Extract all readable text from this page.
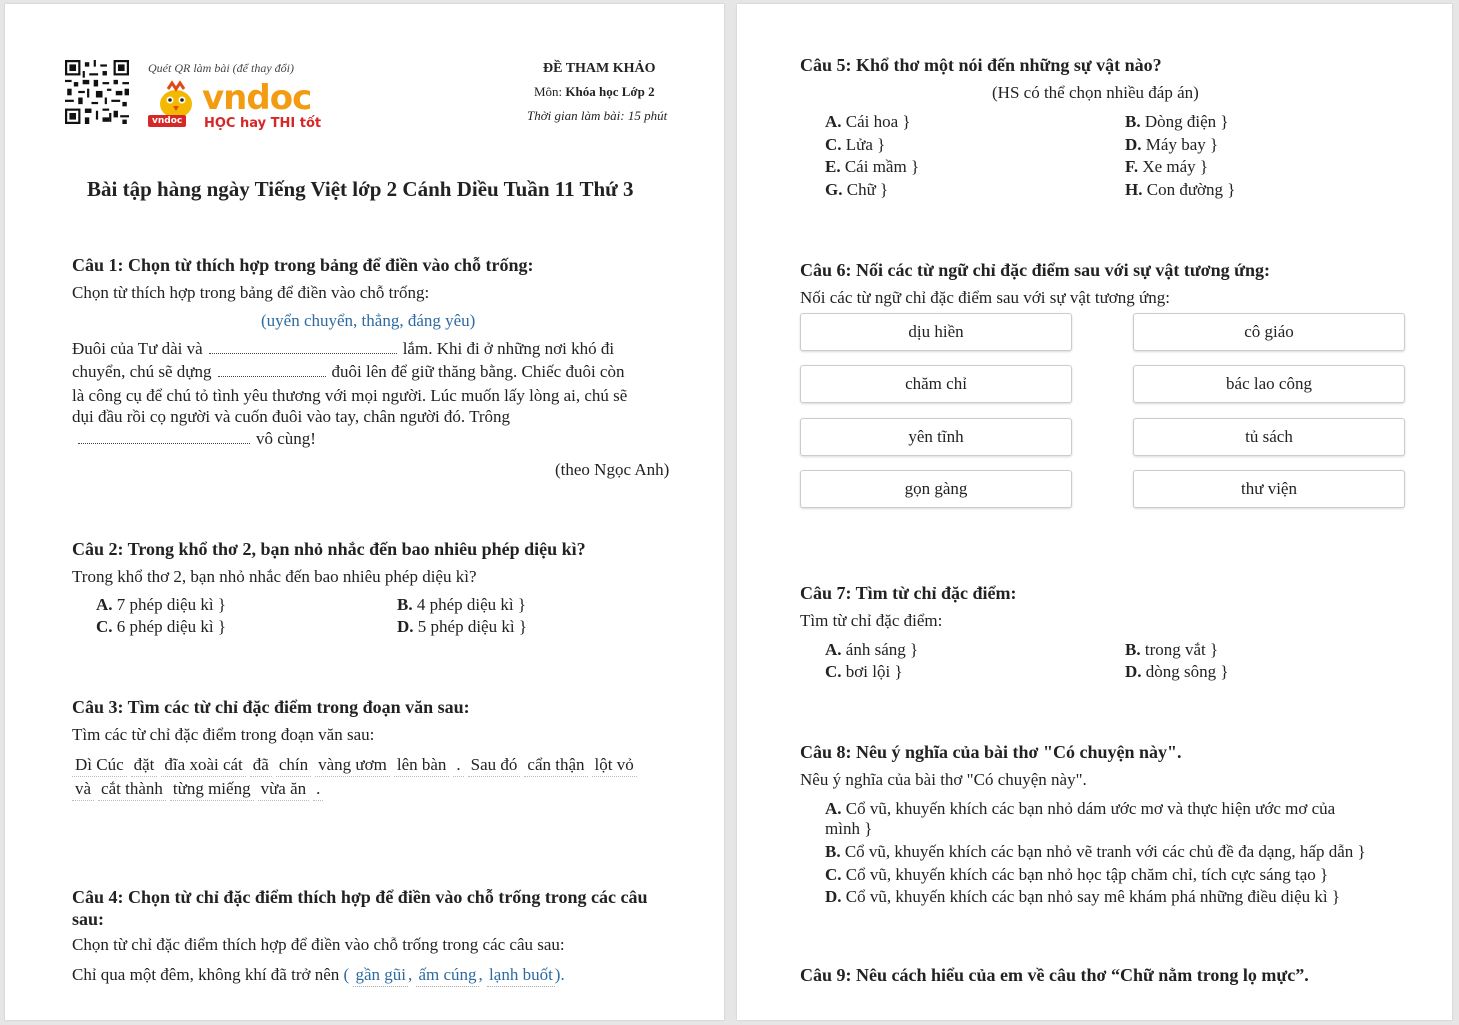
Quét QR làm bài (để thay đổi)
vndoc
vndoc	HỌC hay THI tốt
ĐỀ THAM KHẢO
Môn: Khóa học Lớp 2
Thời gian làm bài: 15 phút
Bài tập hàng ngày Tiếng Việt lớp 2 Cánh Diều Tuần 11 Thứ 3
Câu 1: Chọn từ thích hợp trong bảng để điền vào chỗ trống:
Chọn từ thích hợp trong bảng để điền vào chỗ trống:
(uyển chuyển, thẳng, đáng yêu)
Đuôi của Tư dài và	lắm. Khi đi ở những nơi khó đi
chuyển, chú sẽ dựng	đuôi lên để giữ thăng bằng. Chiếc đuôi còn
là công cụ để chú tỏ tình yêu thương với mọi người. Lúc muốn lấy lòng ai, chú sẽ
dụi đầu rồi cọ người và cuốn đuôi vào tay, chân người đó. Trông
vô cùng!
(theo Ngọc Anh)
Câu 2: Trong khổ thơ 2, bạn nhỏ nhắc đến bao nhiêu phép diệu kì?
Trong khổ thơ 2, bạn nhỏ nhắc đến bao nhiêu phép diệu kì?
A. 7 phép diệu kì }	B. 4 phép diệu kì }
C. 6 phép diệu kì }	D. 5 phép diệu kì }
Câu 3: Tìm các từ chỉ đặc điểm trong đoạn văn sau:
Tìm các từ chỉ đặc điểm trong đoạn văn sau:
Dì Cúc đặt đĩa xoài cát đã chín vàng ươm lên bàn . Sau đó cẩn thận lột vỏ
và cắt thành từng miếng vừa ăn .
Câu 4: Chọn từ chỉ đặc điểm thích hợp để điền vào chỗ trống trong các câu
sau:
Chọn từ chỉ đặc điểm thích hợp để điền vào chỗ trống trong các câu sau:
Chỉ qua một đêm, không khí đã trở nên ( gần gũi , ấm cúng , lạnh buốt ).
Câu 5: Khổ thơ một nói đến những sự vật nào?
(HS có thể chọn nhiều đáp án)
A. Cái hoa }	B. Dòng điện }
C. Lửa }	D. Máy bay }
E. Cái mầm }	F. Xe máy }
G. Chữ }	H. Con đường }
Câu 6: Nối các từ ngữ chỉ đặc điểm sau với sự vật tương ứng:
Nối các từ ngữ chỉ đặc điểm sau với sự vật tương ứng:
dịu hiền	cô giáo
chăm chỉ	bác lao công
yên tĩnh	tủ sách
gọn gàng	thư viện
Câu 7: Tìm từ chỉ đặc điểm:
Tìm từ chỉ đặc điểm:
A. ánh sáng }	B. trong vắt }
C. bơi lội }	D. dòng sông }
Câu 8: Nêu ý nghĩa của bài thơ "Có chuyện này".
Nêu ý nghĩa của bài thơ "Có chuyện này".
A. Cổ vũ, khuyến khích các bạn nhỏ dám ước mơ và thực hiện ước mơ của
mình }
B. Cổ vũ, khuyến khích các bạn nhỏ vẽ tranh với các chủ đề đa dạng, hấp dẫn }
C. Cổ vũ, khuyến khích các bạn nhỏ học tập chăm chỉ, tích cực sáng tạo }
D. Cổ vũ, khuyến khích các bạn nhỏ say mê khám phá những điều diệu kì }
Câu 9: Nêu cách hiểu của em về câu thơ “Chữ nằm trong lọ mực”.
